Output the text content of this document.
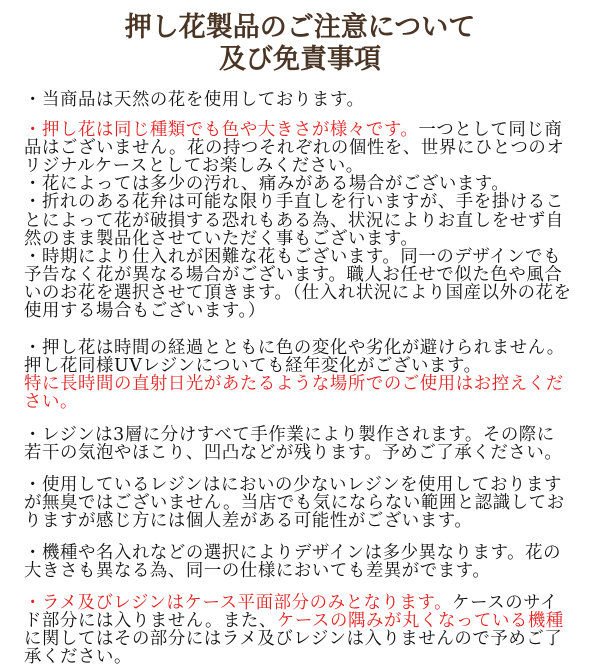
押し花製品のご注意について
及び免責事項

・当商品は天然の花を使用しております。

・押し花は同じ種類でも色や大きさが様々です。一つとして同じ商品はございません。花の持つそれぞれの個性を、世界にひとつのオリジナルケースとしてお楽しみください。

・花によっては多少の汚れ、痛みがある場合がございます。

・折れのある花弁は可能な限り手直しを行いますが、手を掛けることによって花が破損する恐れもある為、状況によりお直しをせず自然のまま製品化させていただく事もございます。

・時期により仕入れが困難な花もございます。同一のデザインでも予告なく花が異なる場合がございます。職人お任せで似た色や風合いのお花を選択させて頂きます。（仕入れ状況により国産以外の花を使用する場合もございます。）

・押し花は時間の経過とともに色の変化や劣化が避けられません。押し花同様UVレジンについても経年変化がございます。

特に長時間の直射日光があたるような場所でのご使用はお控えください。

・レジンは3層に分けすべて手作業により製作されます。その際に若干の気泡やほこり、凹凸などが残ります。予めご了承ください。

・使用しているレジンはにおいの少ないレジンを使用しておりますが無臭ではございません。当店でも気にならない範囲と認識しておりますが感じ方には個人差がある可能性がございます。

・機種や名入れなどの選択によりデザインは多少異なります。花の大きさも異なる為、同一の仕様においても差異がでます。

・ラメ及びレジンはケース平面部分のみとなります。ケースのサイド部分には入りません。また、ケースの隅みが丸くなっている機種に関してはその部分にはラメ及びレジンは入りませんので予めご了承ください。
